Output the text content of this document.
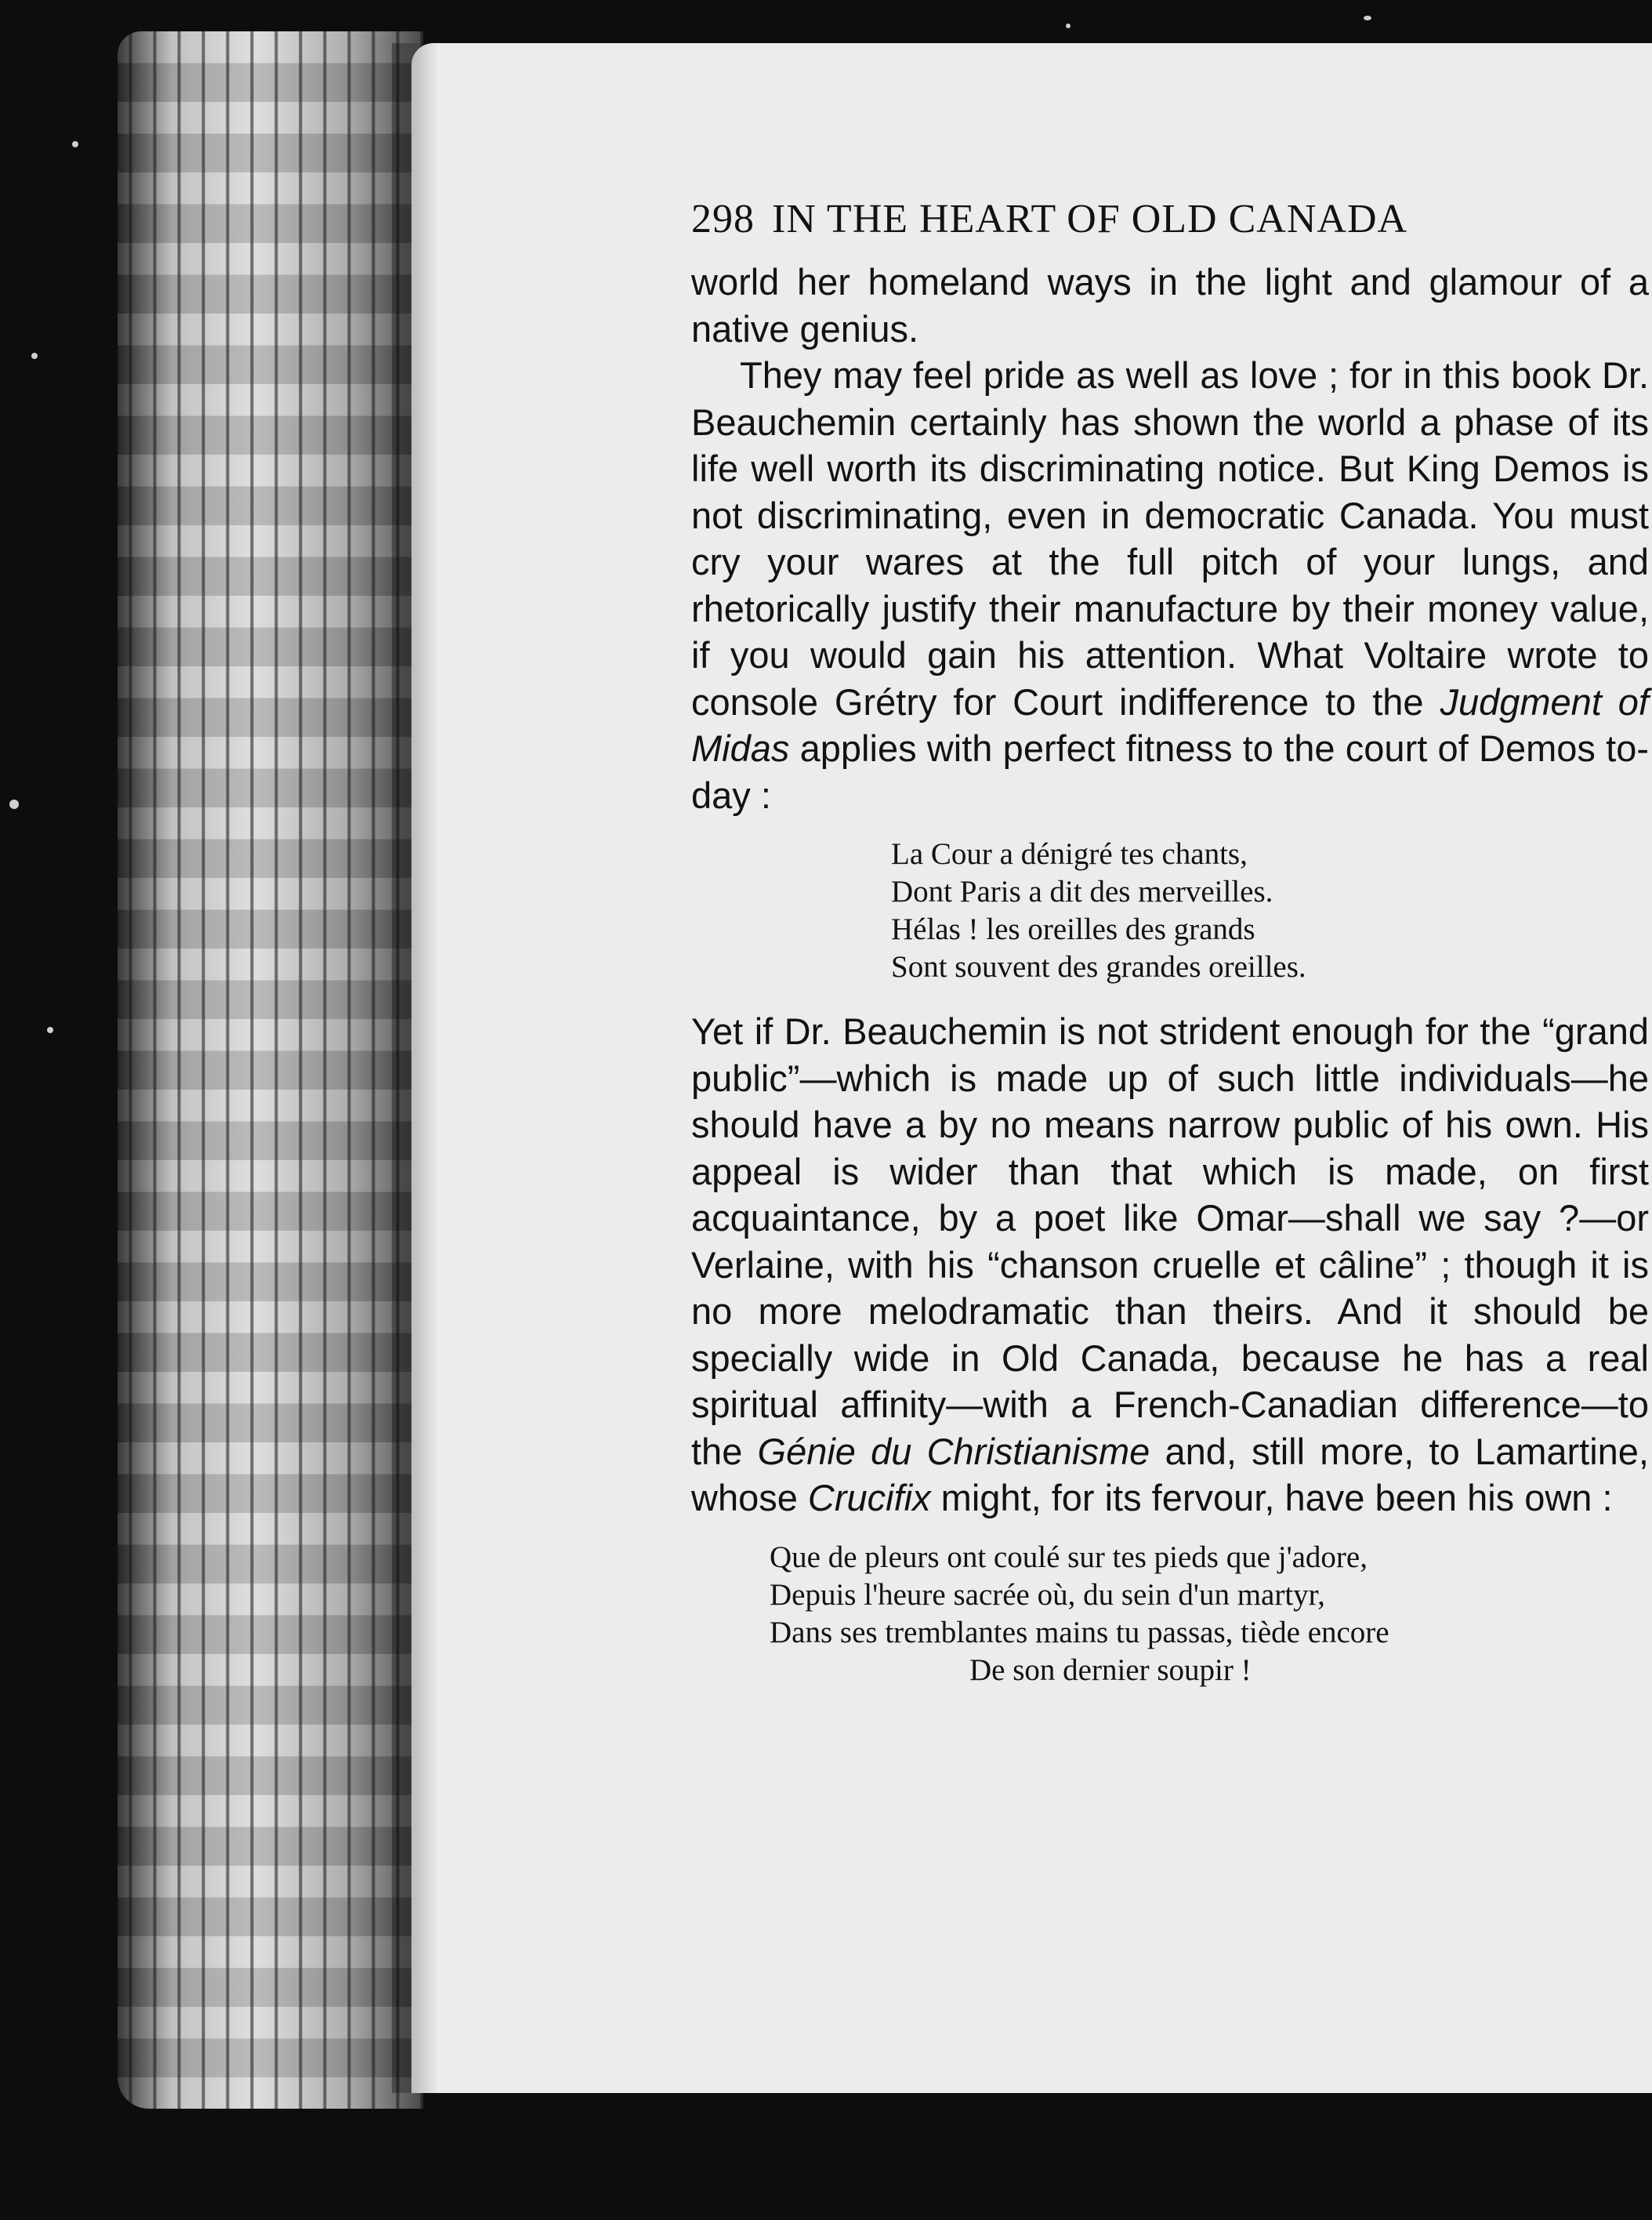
298 IN THE HEART OF OLD CANADA

world her homeland ways in the light and glamour of a native genius.

They may feel pride as well as love ; for in this book Dr. Beauchemin certainly has shown the world a phase of its life well worth its discriminating notice. But King Demos is not discriminating, even in democratic Canada. You must cry your wares at the full pitch of your lungs, and rhetorically justify their manufacture by their money value, if you would gain his attention. What Voltaire wrote to console Grétry for Court indifference to the Judgment of Midas applies with perfect fitness to the court of Demos to-day :

La Cour a dénigré tes chants,
Dont Paris a dit des merveilles.
Hélas ! les oreilles des grands
Sont souvent des grandes oreilles.

Yet if Dr. Beauchemin is not strident enough for the “grand public”—which is made up of such little individuals—he should have a by no means narrow public of his own. His appeal is wider than that which is made, on first acquaintance, by a poet like Omar—shall we say ?—or Verlaine, with his “chanson cruelle et câline” ; though it is no more melodramatic than theirs. And it should be specially wide in Old Canada, because he has a real spiritual affinity—with a French-Canadian difference—to the Génie du Christianisme and, still more, to Lamartine, whose Crucifix might, for its fervour, have been his own :

Que de pleurs ont coulé sur tes pieds que j'adore,
Depuis l'heure sacrée où, du sein d'un martyr,
Dans ses tremblantes mains tu passas, tiède encore
De son dernier soupir !
